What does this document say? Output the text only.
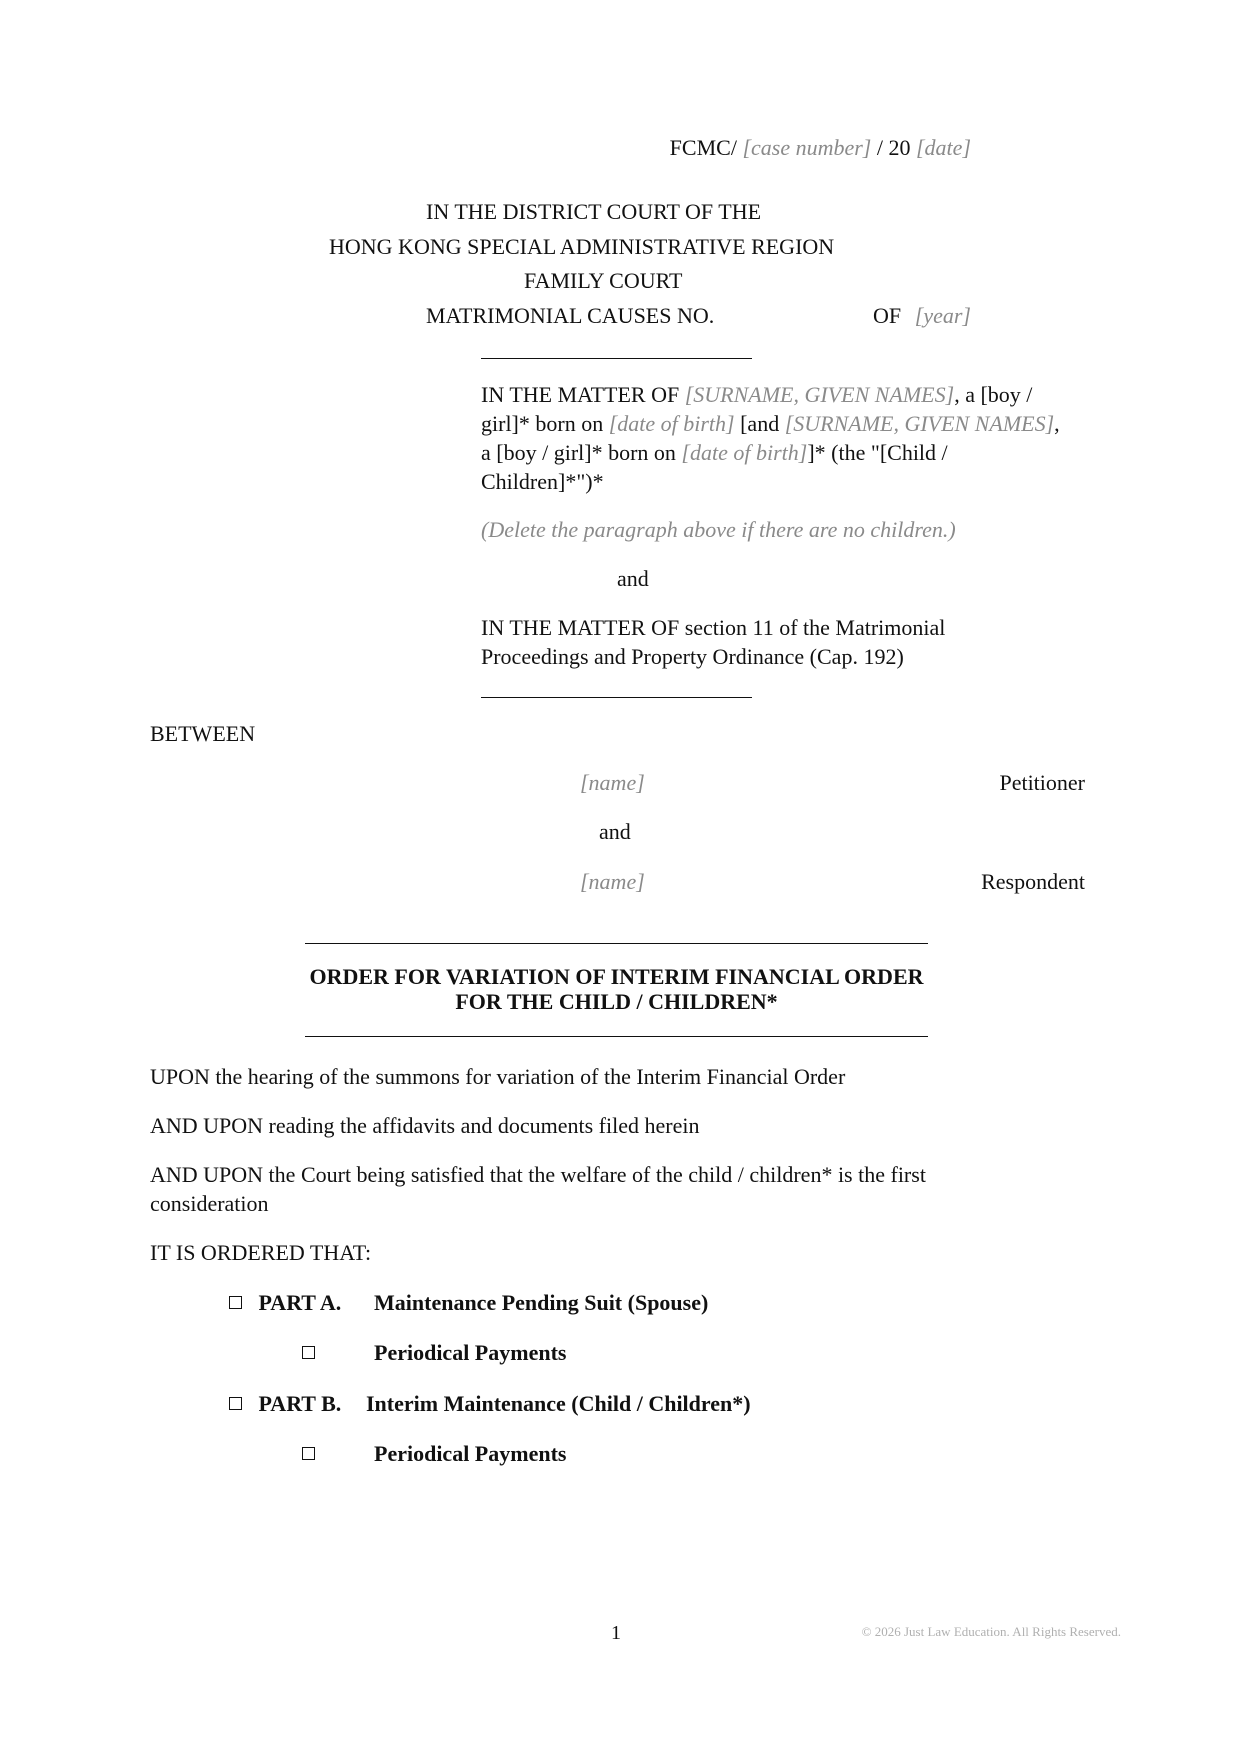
FCMC/ [case number] / 20 [date]
IN THE DISTRICT COURT OF THE
HONG KONG SPECIAL ADMINISTRATIVE REGION
FAMILY COURT
MATRIMONIAL CAUSES NO.	OF [year]
IN THE MATTER OF [SURNAME, GIVEN NAMES], a [boy / girl]* born on [date of birth] [and [SURNAME, GIVEN NAMES], a [boy / girl]* born on [date of birth]]* (the "[Child / Children]*")*
(Delete the paragraph above if there are no children.)
and
IN THE MATTER OF section 11 of the Matrimonial
Proceedings and Property Ordinance (Cap. 192)
BETWEEN
[name]	Petitioner
and
[name]	Respondent
ORDER FOR VARIATION OF INTERIM FINANCIAL ORDER
FOR THE CHILD / CHILDREN*
UPON the hearing of the summons for variation of the Interim Financial Order
AND UPON reading the affidavits and documents filed herein
AND UPON the Court being satisfied that the welfare of the child / children* is the first
consideration
IT IS ORDERED THAT:
PART A. Maintenance Pending Suit (Spouse)
Periodical Payments
PART B. Interim Maintenance (Child / Children*)
Periodical Payments
1	© 2026 Just Law Education. All Rights Reserved.
